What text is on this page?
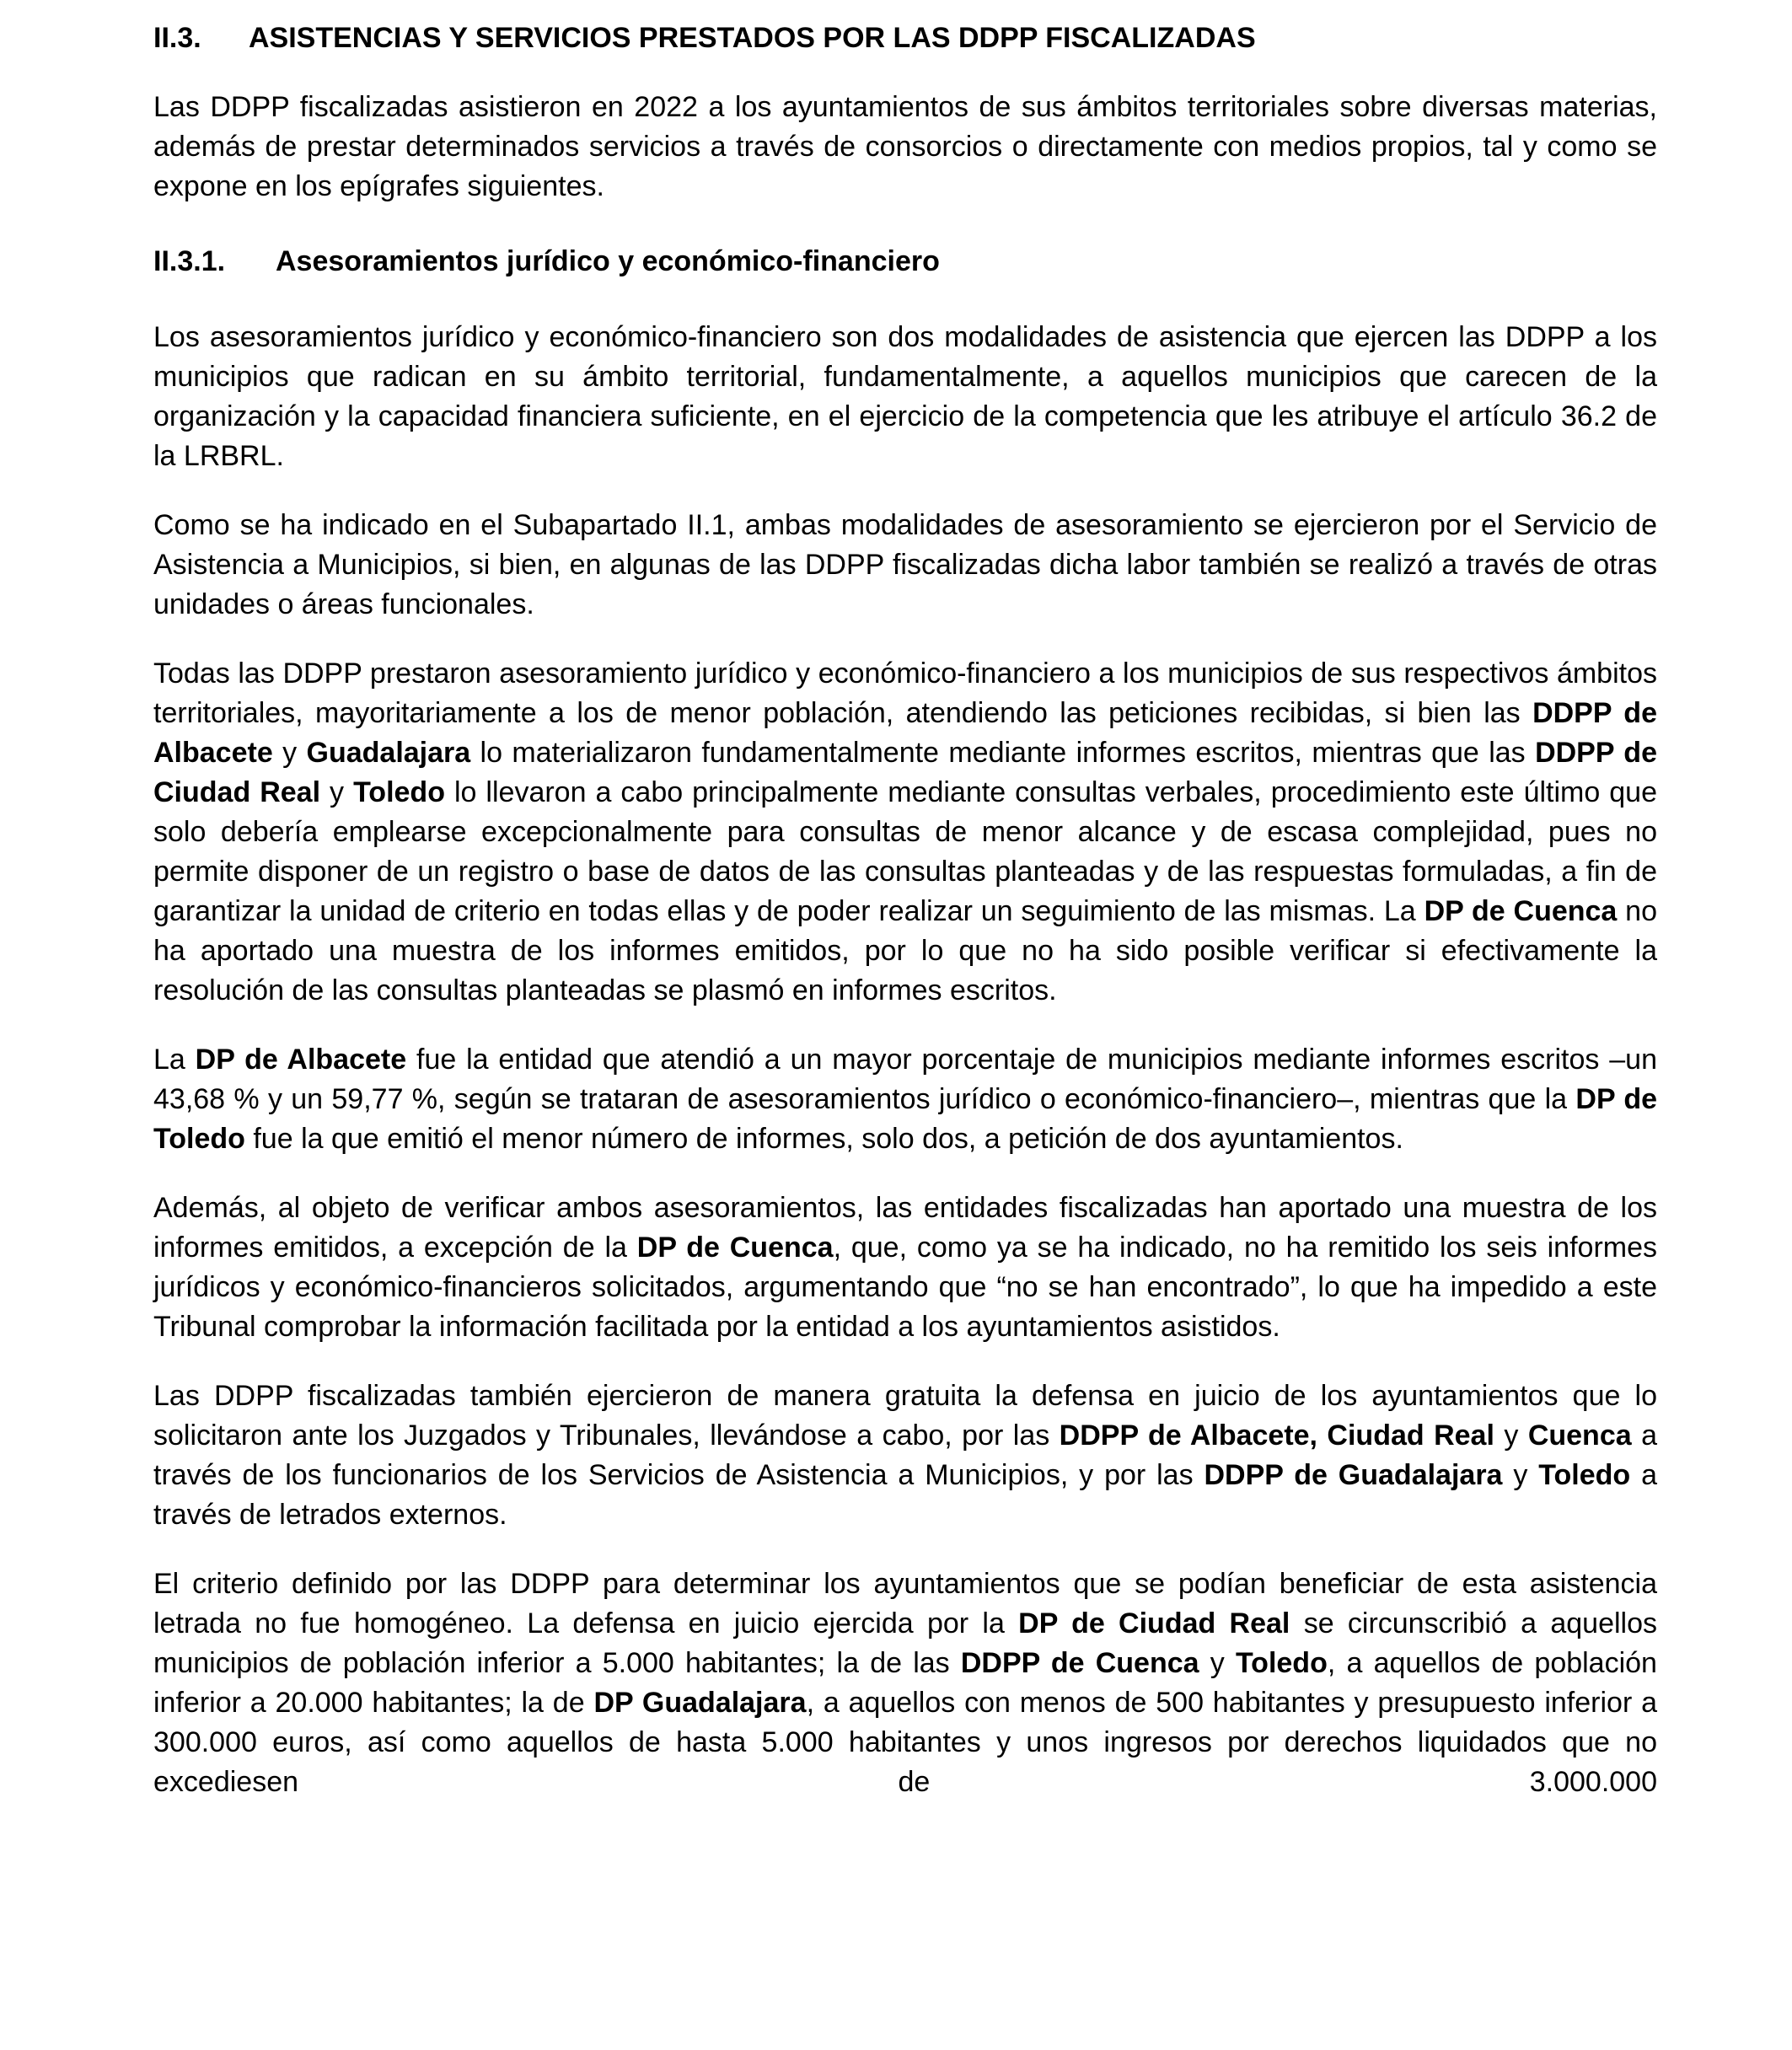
II.3. ASISTENCIAS Y SERVICIOS PRESTADOS POR LAS DDPP FISCALIZADAS

Las DDPP fiscalizadas asistieron en 2022 a los ayuntamientos de sus ámbitos territoriales sobre diversas materias, además de prestar determinados servicios a través de consorcios o directamente con medios propios, tal y como se expone en los epígrafes siguientes.

II.3.1. Asesoramientos jurídico y económico-financiero

Los asesoramientos jurídico y económico-financiero son dos modalidades de asistencia que ejercen las DDPP a los municipios que radican en su ámbito territorial, fundamentalmente, a aquellos municipios que carecen de la organización y la capacidad financiera suficiente, en el ejercicio de la competencia que les atribuye el artículo 36.2 de la LRBRL.

Como se ha indicado en el Subapartado II.1, ambas modalidades de asesoramiento se ejercieron por el Servicio de Asistencia a Municipios, si bien, en algunas de las DDPP fiscalizadas dicha labor también se realizó a través de otras unidades o áreas funcionales.

Todas las DDPP prestaron asesoramiento jurídico y económico-financiero a los municipios de sus respectivos ámbitos territoriales, mayoritariamente a los de menor población, atendiendo las peticiones recibidas, si bien las DDPP de Albacete y Guadalajara lo materializaron fundamentalmente mediante informes escritos, mientras que las DDPP de Ciudad Real y Toledo lo llevaron a cabo principalmente mediante consultas verbales, procedimiento este último que solo debería emplearse excepcionalmente para consultas de menor alcance y de escasa complejidad, pues no permite disponer de un registro o base de datos de las consultas planteadas y de las respuestas formuladas, a fin de garantizar la unidad de criterio en todas ellas y de poder realizar un seguimiento de las mismas. La DP de Cuenca no ha aportado una muestra de los informes emitidos, por lo que no ha sido posible verificar si efectivamente la resolución de las consultas planteadas se plasmó en informes escritos.

La DP de Albacete fue la entidad que atendió a un mayor porcentaje de municipios mediante informes escritos –un 43,68 % y un 59,77 %, según se trataran de asesoramientos jurídico o económico-financiero–, mientras que la DP de Toledo fue la que emitió el menor número de informes, solo dos, a petición de dos ayuntamientos.

Además, al objeto de verificar ambos asesoramientos, las entidades fiscalizadas han aportado una muestra de los informes emitidos, a excepción de la DP de Cuenca, que, como ya se ha indicado, no ha remitido los seis informes jurídicos y económico-financieros solicitados, argumentando que “no se han encontrado”, lo que ha impedido a este Tribunal comprobar la información facilitada por la entidad a los ayuntamientos asistidos.

Las DDPP fiscalizadas también ejercieron de manera gratuita la defensa en juicio de los ayuntamientos que lo solicitaron ante los Juzgados y Tribunales, llevándose a cabo, por las DDPP de Albacete, Ciudad Real y Cuenca a través de los funcionarios de los Servicios de Asistencia a Municipios, y por las DDPP de Guadalajara y Toledo a través de letrados externos.

El criterio definido por las DDPP para determinar los ayuntamientos que se podían beneficiar de esta asistencia letrada no fue homogéneo. La defensa en juicio ejercida por la DP de Ciudad Real se circunscribió a aquellos municipios de población inferior a 5.000 habitantes; la de las DDPP de Cuenca y Toledo, a aquellos de población inferior a 20.000 habitantes; la de DP Guadalajara, a aquellos con menos de 500 habitantes y presupuesto inferior a 300.000 euros, así como aquellos de hasta 5.000 habitantes y unos ingresos por derechos liquidados que no excediesen de 3.000.000
